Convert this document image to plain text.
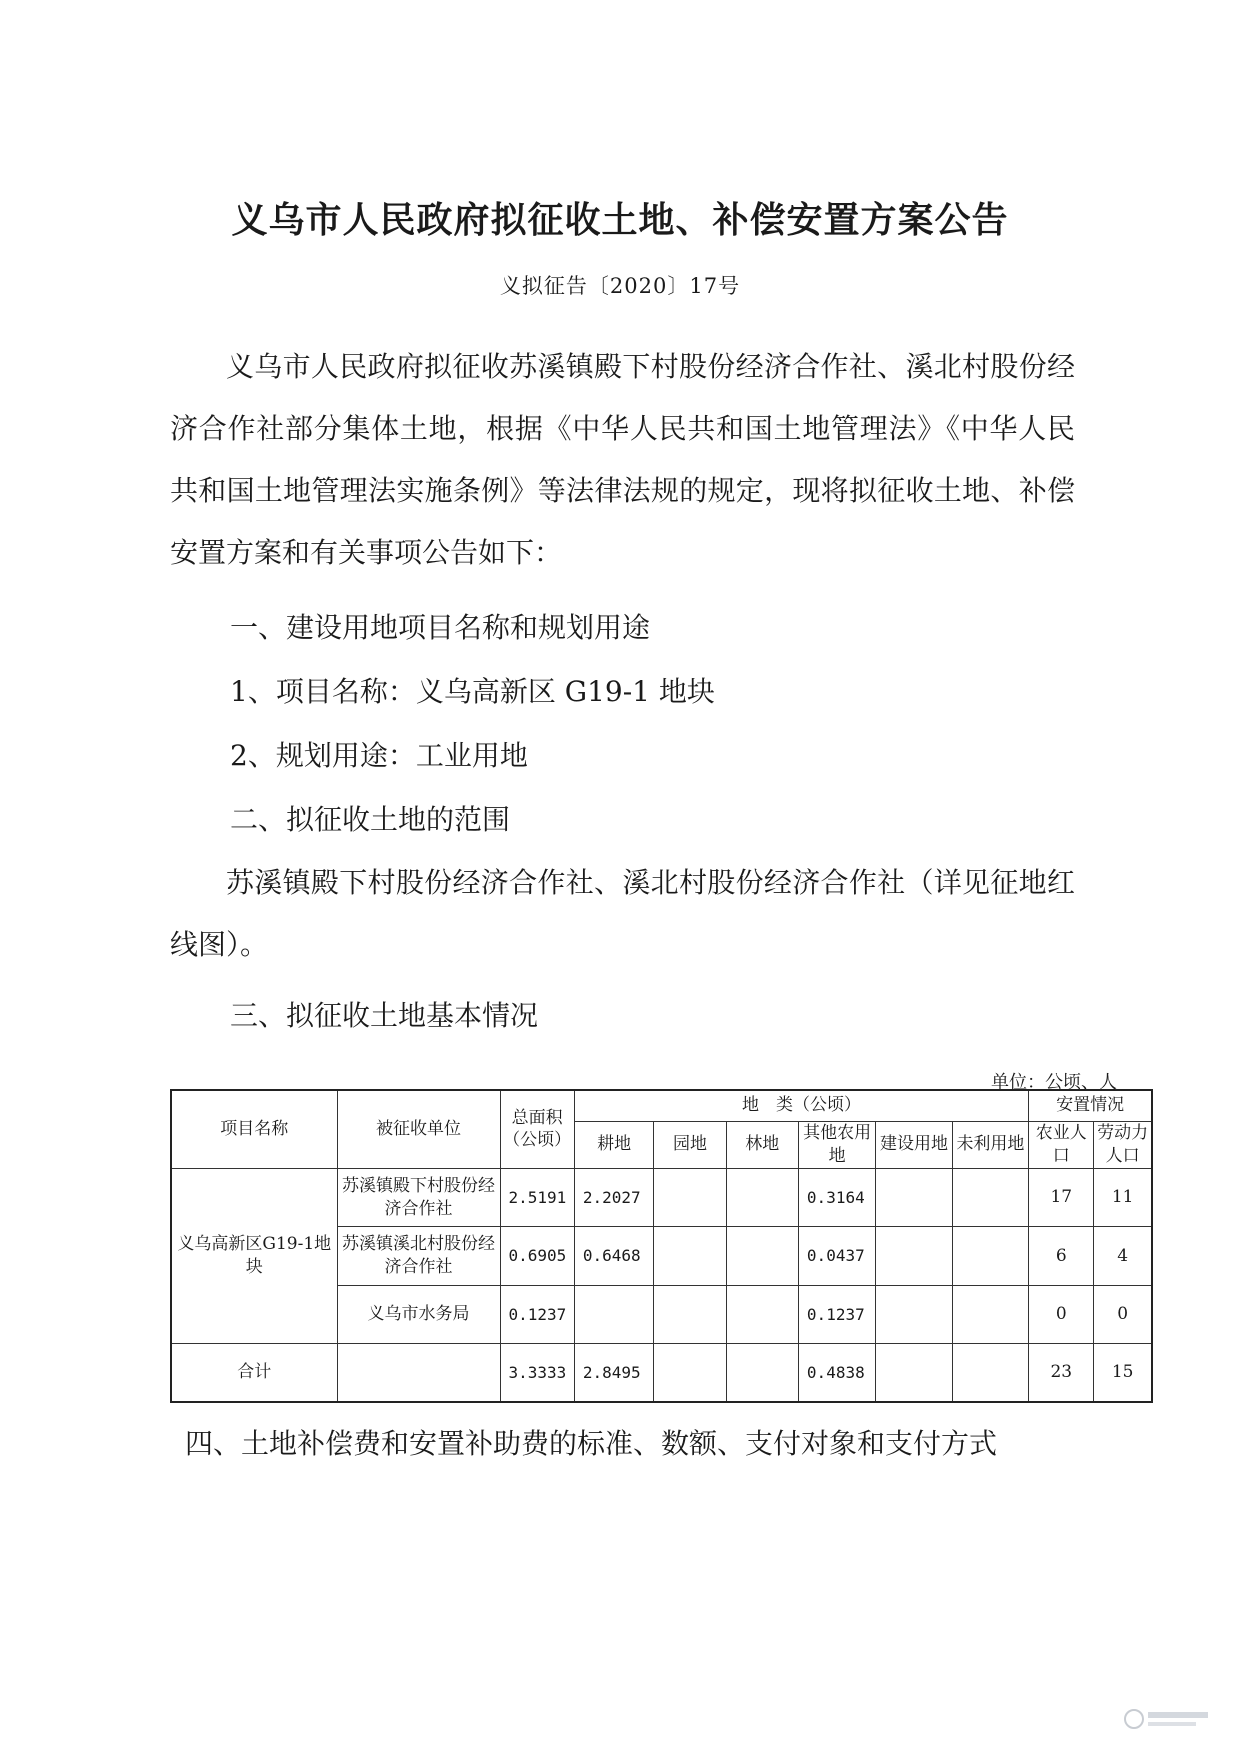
义乌市人民政府拟征收土地、补偿安置方案公告
义拟征告〔2020〕17号
义乌市人民政府拟征收苏溪镇殿下村股份经济合作社、溪北村股份经济合作社部分集体土地，根据《中华人民共和国土地管理法》《中华人民共和国土地管理法实施条例》等法律法规的规定，现将拟征收土地、补偿安置方案和有关事项公告如下：
一、建设用地项目名称和规划用途
1、项目名称：义乌高新区 G19-1 地块
2、规划用途：工业用地
二、拟征收土地的范围
苏溪镇殿下村股份经济合作社、溪北村股份经济合作社（详见征地红线图）。
三、拟征收土地基本情况
单位：公顷、人
项目名称	被征收单位	总面积（公顷）	地　类（公顷）						安置情况	
			耕地	园地	林地	其他农用地	建设用地	未利用地	农业人口	劳动力人口
义乌高新区G19-1地块	苏溪镇殿下村股份经济合作社	2.5191	2.2027			0.3164			17	11
	苏溪镇溪北村股份经济合作社	0.6905	0.6468			0.0437			6	4
	义乌市水务局	0.1237				0.1237			0	0
合计		3.3333	2.8495			0.4838			23	15
四、土地补偿费和安置补助费的标准、数额、支付对象和支付方式
